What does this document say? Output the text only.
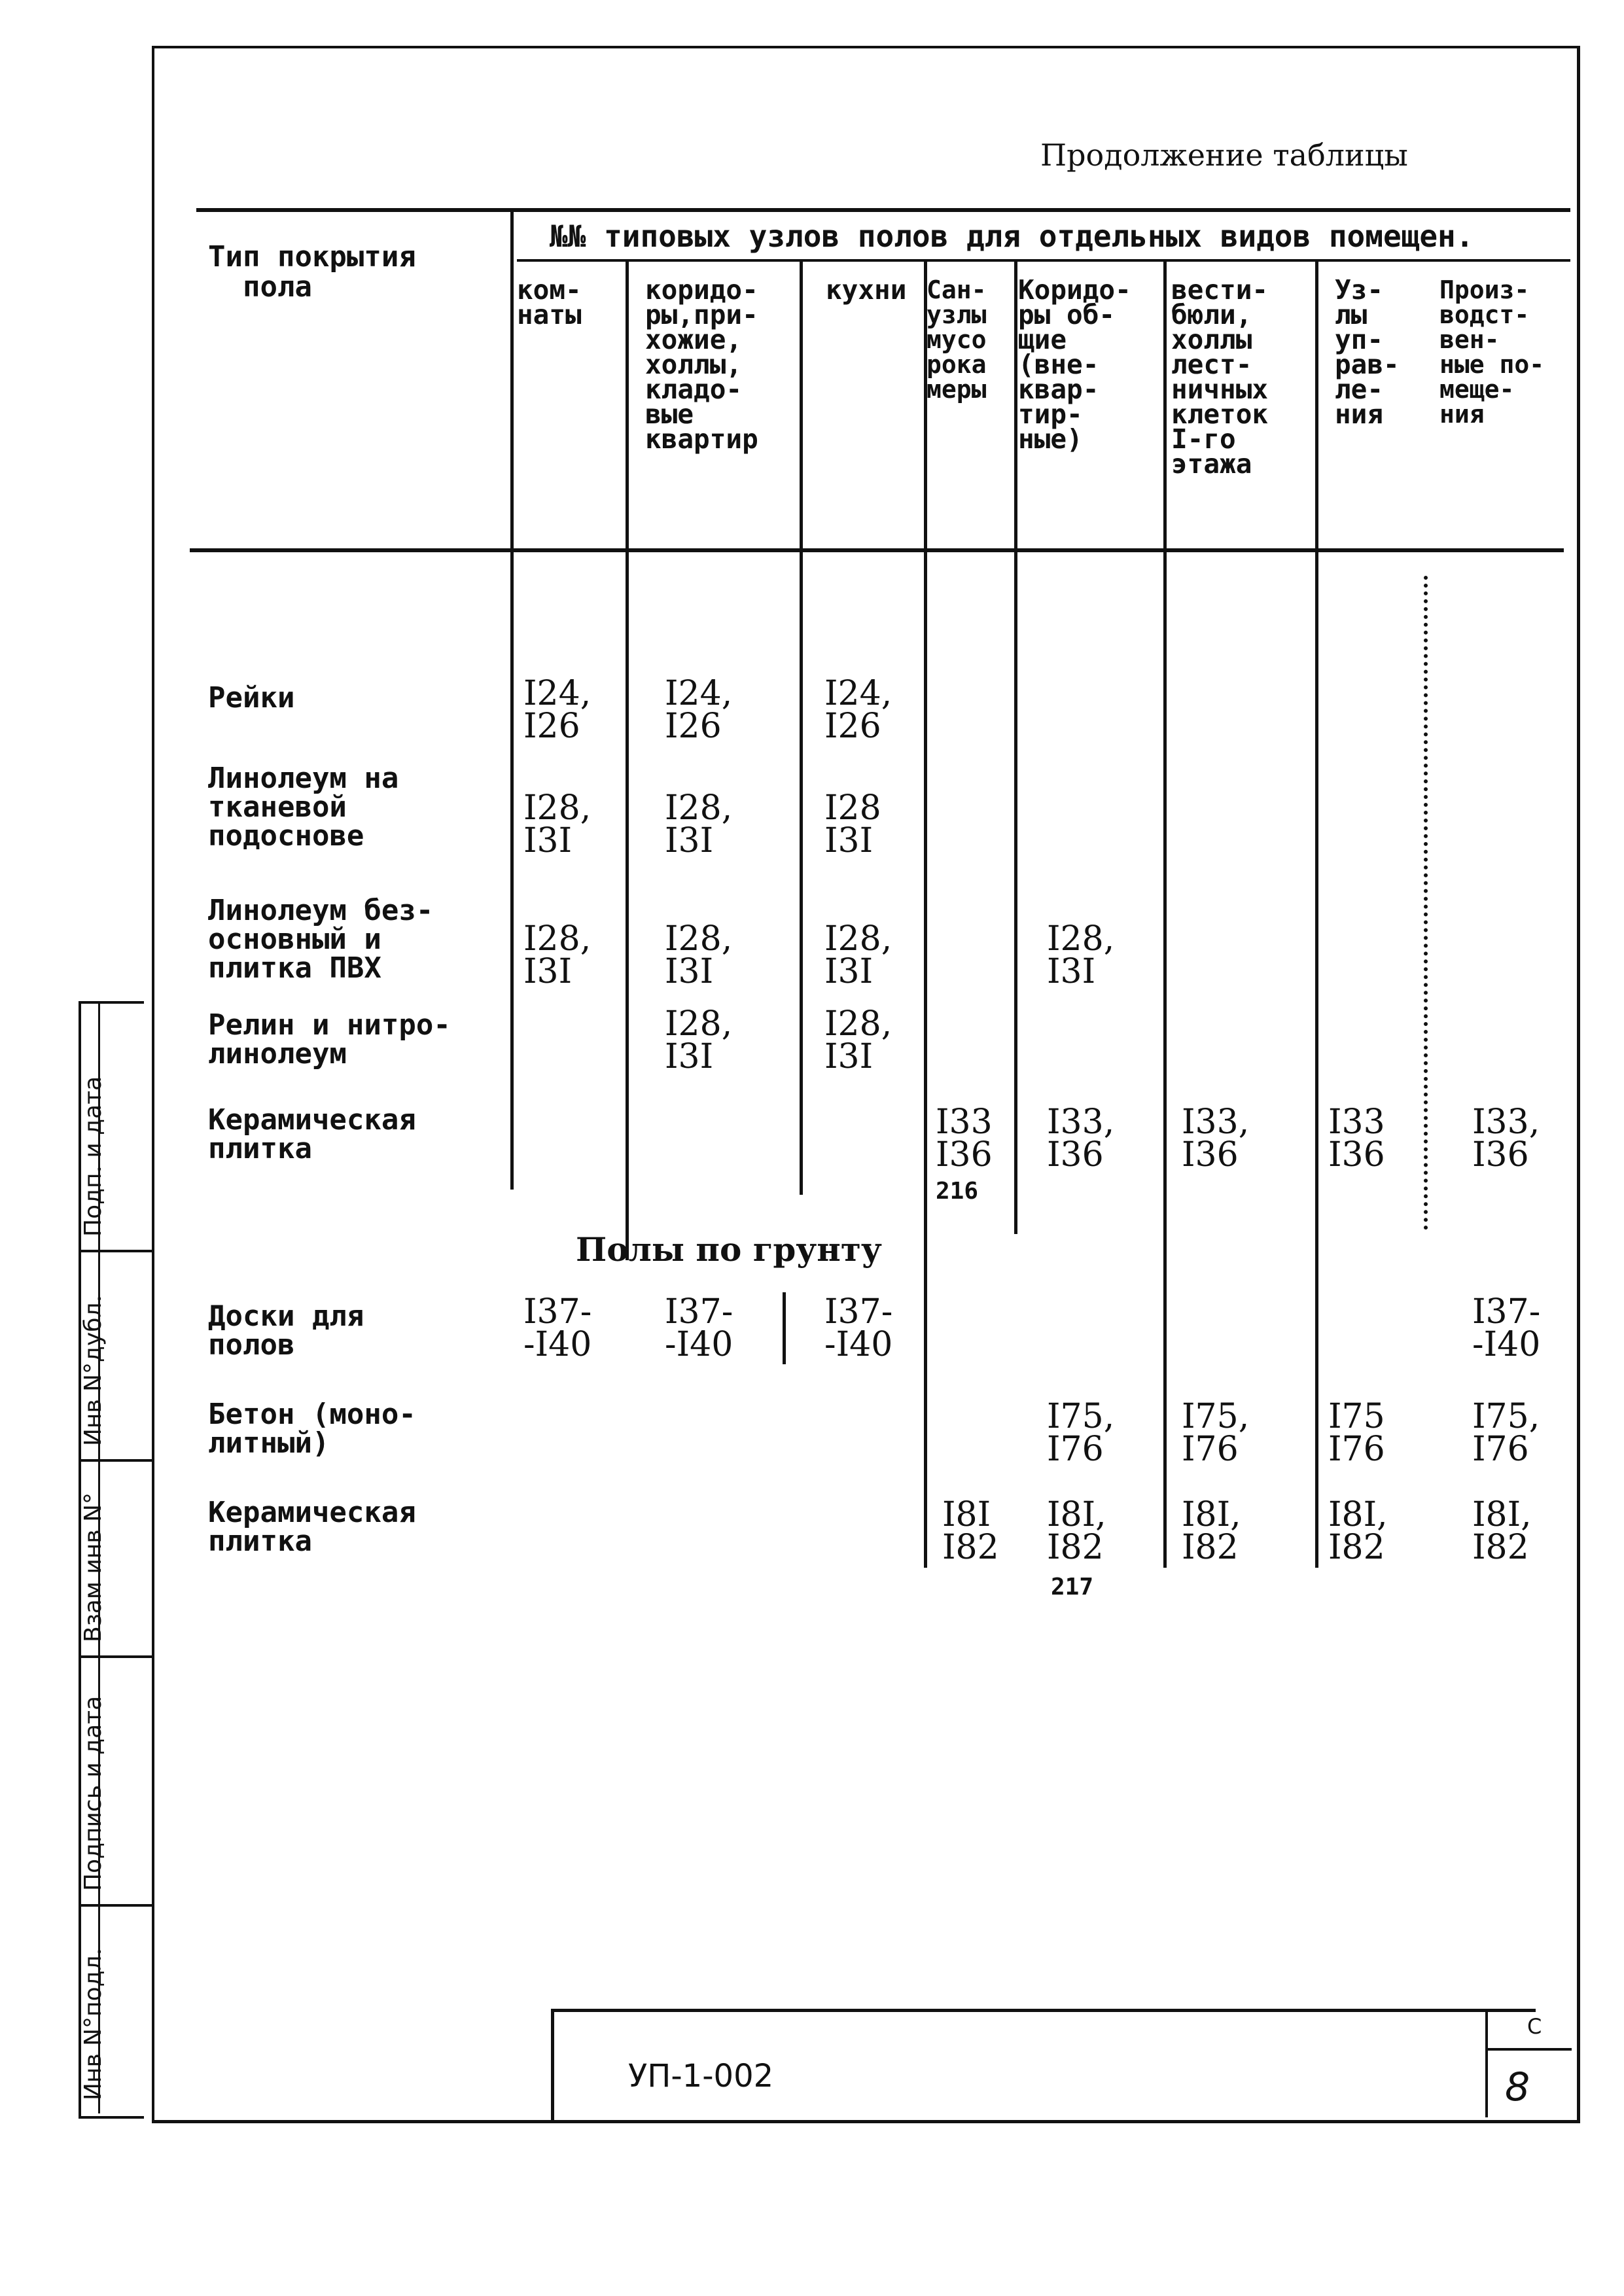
Продолжение таблицы
Тип покрытия
пола
№№ типовых узлов полов для отдельных видов помещен.
ком-
наты
коридо-
ры,при-
хожие,
холлы,
кладо-
вые
квартир
кухни Сан-
узлы
мусо
рока
меры
Коридо-
ры об-
щие
(вне-
квар-
тир-
ные)
вести-
бюли,
холлы
лест-
ничных
клеток
I-го
этажа
Уз-
лы
уп-
рав-
ле-
ния
Произ-
водст-
вен-
ные по-
меще-
ния
Рейки	I24,
I26
I24,
I26
I24,
I26
Линолеум на
тканевой
подоснове
I28,
I3I
I28,
I3I
I28
I3I
Линолеум без-
основный и
плитка ПВХ
I28,
I3I
I28,
I3I
I28,
I3I
I28,
I3I
Релин и нитро-
линолеум
I28,
I3I
I28,
I3I
Керамическая
плитка
I33
I36
216
I33,
I36
I33,
I36
I33
I36
I33,
I36
Полы по грунту
Доски для
полов
I37-
-I40
I37-
-I40
I37-
-I40
I37-
-I40
Бетон (моно-
литный)
I75,
I76
I75,
I76
I75
I76
I75,
I76
Керамическая
плитка
I8I
I82
I8I,
I82
217
I8I,
I82
I8I,
I82
I8I,
I82
Инв N°подл.
Подпись и дата
Взам инв N°
Инв N°дубл.
Подп. и дата
УП-1-002
С
8
